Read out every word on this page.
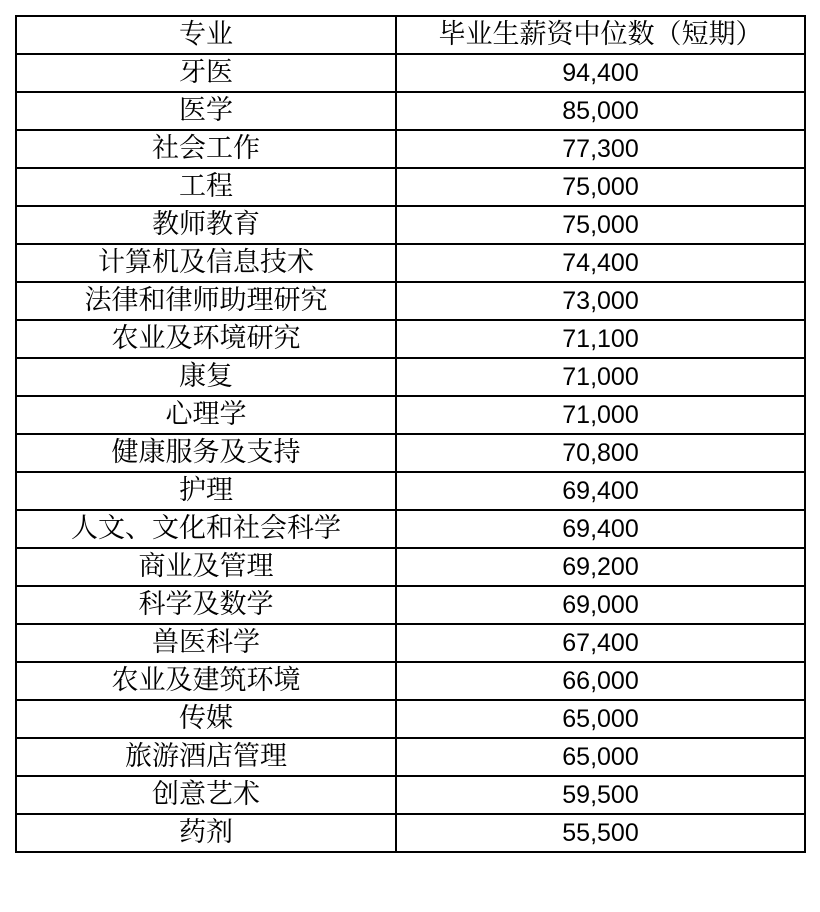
专业	毕业生薪资中位数（短期）
牙医	94,400
医学	85,000
社会工作	77,300
工程	75,000
教师教育	75,000
计算机及信息技术	74,400
法律和律师助理研究	73,000
农业及环境研究	71,100
康复	71,000
心理学	71,000
健康服务及支持	70,800
护理	69,400
人文、文化和社会科学	69,400
商业及管理	69,200
科学及数学	69,000
兽医科学	67,400
农业及建筑环境	66,000
传媒	65,000
旅游酒店管理	65,000
创意艺术	59,500
药剂	55,500
